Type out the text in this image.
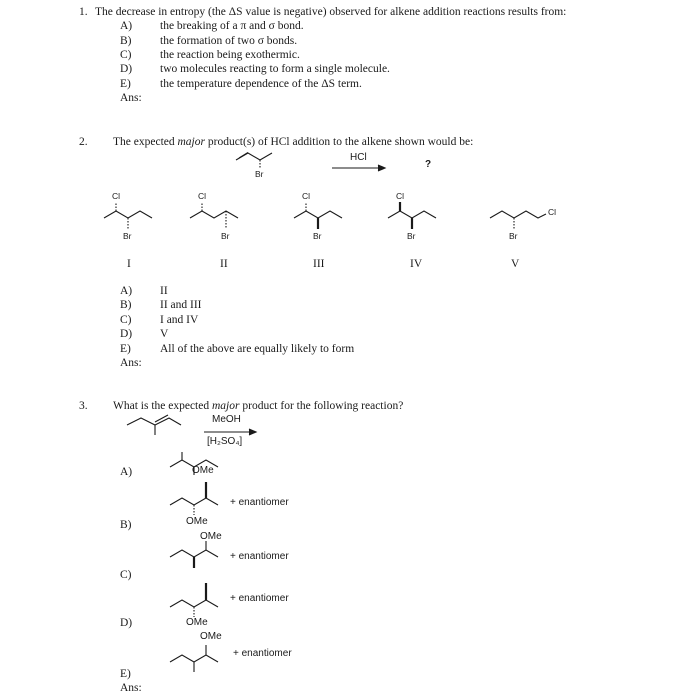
1. The decrease in entropy (the ΔS value is negative) observed for alkene addition reactions results from:
A) the breaking of a π and σ bond.
B) the formation of two σ bonds.
C) the reaction being exothermic.
D) two molecules reacting to form a single molecule.
E)	the temperature dependence of the ΔS term.
Ans:
2. The expected major product(s) of HCl addition to the alkene shown would be:
Br
HCl
?
Cl
Br
Cl
Br
Cl
Br
Cl
Br
Cl
Br
I	II	III	IV	V
A) II
B) II and III
C) I and IV
D) V
E)	All of the above are equally likely to form
Ans:
3. What is the expected major product for the following reaction?
MeOH
[H₂SO₄]
A)	OMe
+ enantiomer
B)	OMe
OMe
+ enantiomer
C)
+ enantiomer
D)	OMe
OMe
+ enantiomer
E)
Ans:
